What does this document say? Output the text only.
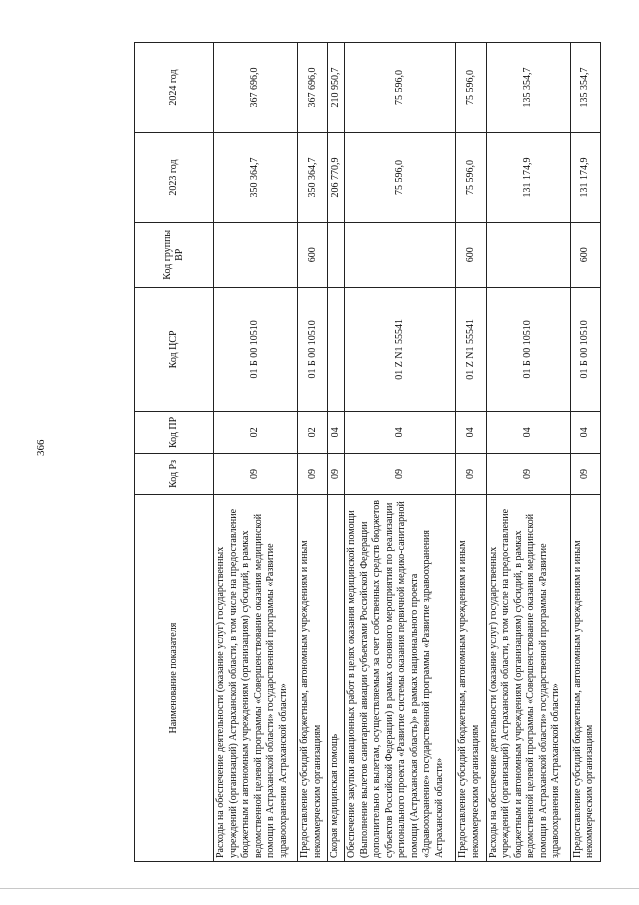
366
Наименование показателя	Код Рз	Код ПР	Код ЦСР	Код группы ВР	2023 год	2024 год
Расходы на обеспечение деятельности (оказание услуг) государственных учреждений (организаций) Астраханской области, в том числе на предоставление бюджетным и автономным учреждениям (организациям) субсидий, в рамках ведомственной целевой программы «Совершенствование оказания медицинской помощи в Астраханской области» государственной программы «Развитие здравоохранения Астраханской области»	09	02	01 Б 00 10510		350 364,7	367 696,0
Предоставление субсидий бюджетным, автономным учреждениям и иным некоммерческим организациям	09	02	01 Б 00 10510	600	350 364,7	367 696,0
Скорая медицинская помощь	09	04			206 770,9	210 950,7
Обеспечение закупки авиационных работ в целях оказания медицинской помощи (Выполнение вылетов санитарной авиации субъектами Российской Федерации дополнительно к вылетам, осуществляемым за счет собственных средств бюджетов субъектов Российской Федерации) в рамках основного мероприятия по реализации регионального проекта «Развитие системы оказания первичной медико-санитарной помощи (Астраханская область)» в рамках национального проекта «Здравоохранение» государственной программы «Развитие здравоохранения Астраханской области»	09	04	01 Z N1 55541		75 596,0	75 596,0
Предоставление субсидий бюджетным, автономным учреждениям и иным некоммерческим организациям	09	04	01 Z N1 55541	600	75 596,0	75 596,0
Расходы на обеспечение деятельности (оказание услуг) государственных учреждений (организаций) Астраханской области, в том числе на предоставление бюджетным и автономным учреждениям (организациям) субсидий, в рамках ведомственной целевой программы «Совершенствование оказания медицинской помощи в Астраханской области» государственной программы «Развитие здравоохранения Астраханской области»	09	04	01 Б 00 10510		131 174,9	135 354,7
Предоставление субсидий бюджетным, автономным учреждениям и иным некоммерческим организациям	09	04	01 Б 00 10510	600	131 174,9	135 354,7
